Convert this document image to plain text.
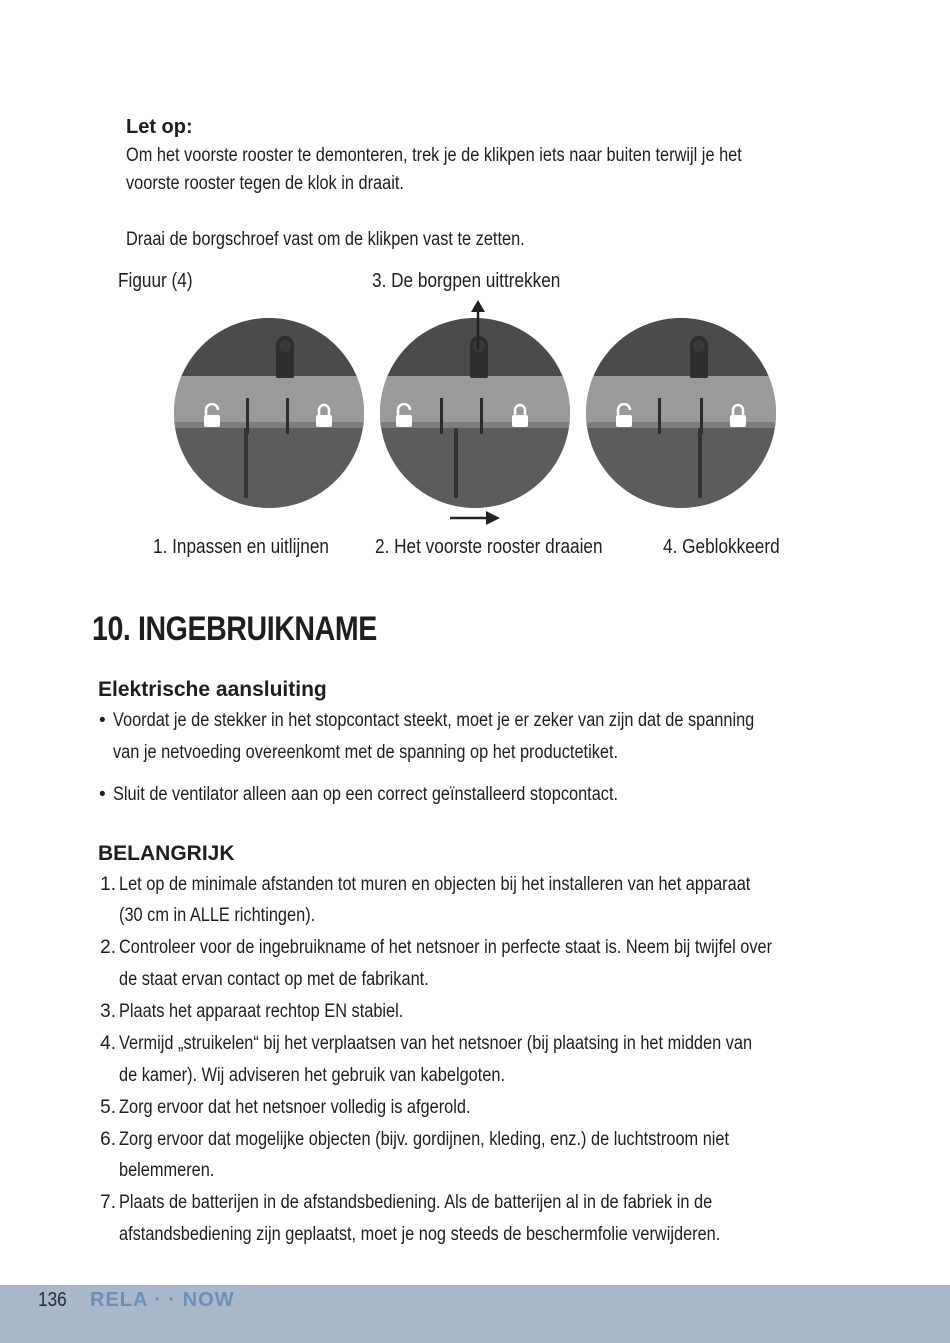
Let op:
Om het voorste rooster te demonteren, trek je de klikpen iets naar buiten terwijl je het
voorste rooster tegen de klok in draait.
Draai de borgschroef vast om de klikpen vast te zetten.
Figuur (4)	3. De borgpen uittrekken
1. Inpassen en uitlijnen 2. Het voorste rooster draaien	4. Geblokkeerd
10. INGEBRUIKNAME
Elektrische aansluiting
• Voordat je de stekker in het stopcontact steekt, moet je er zeker van zijn dat de spanning
van je netvoeding overeenkomt met de spanning op het productetiket.
• Sluit de ventilator alleen aan op een correct geïnstalleerd stopcontact.
BELANGRIJK
1. Let op de minimale afstanden tot muren en objecten bij het installeren van het apparaat
(30 cm in ALLE richtingen).
2. Controleer voor de ingebruikname of het netsnoer in perfecte staat is. Neem bij twijfel over
de staat ervan contact op met de fabrikant.
3. Plaats het apparaat rechtop EN stabiel.
4. Vermijd „struikelen“ bij het verplaatsen van het netsnoer (bij plaatsing in het midden van
de kamer). Wij adviseren het gebruik van kabelgoten.
5. Zorg ervoor dat het netsnoer volledig is afgerold.
6. Zorg ervoor dat mogelijke objecten (bijv. gordijnen, kleding, enz.) de luchtstroom niet
belemmeren.
7. Plaats de batterijen in de afstandsbediening. Als de batterijen al in de fabriek in de
afstandsbediening zijn geplaatst, moet je nog steeds de beschermfolie verwijderen.
136 RELA · · NOW
